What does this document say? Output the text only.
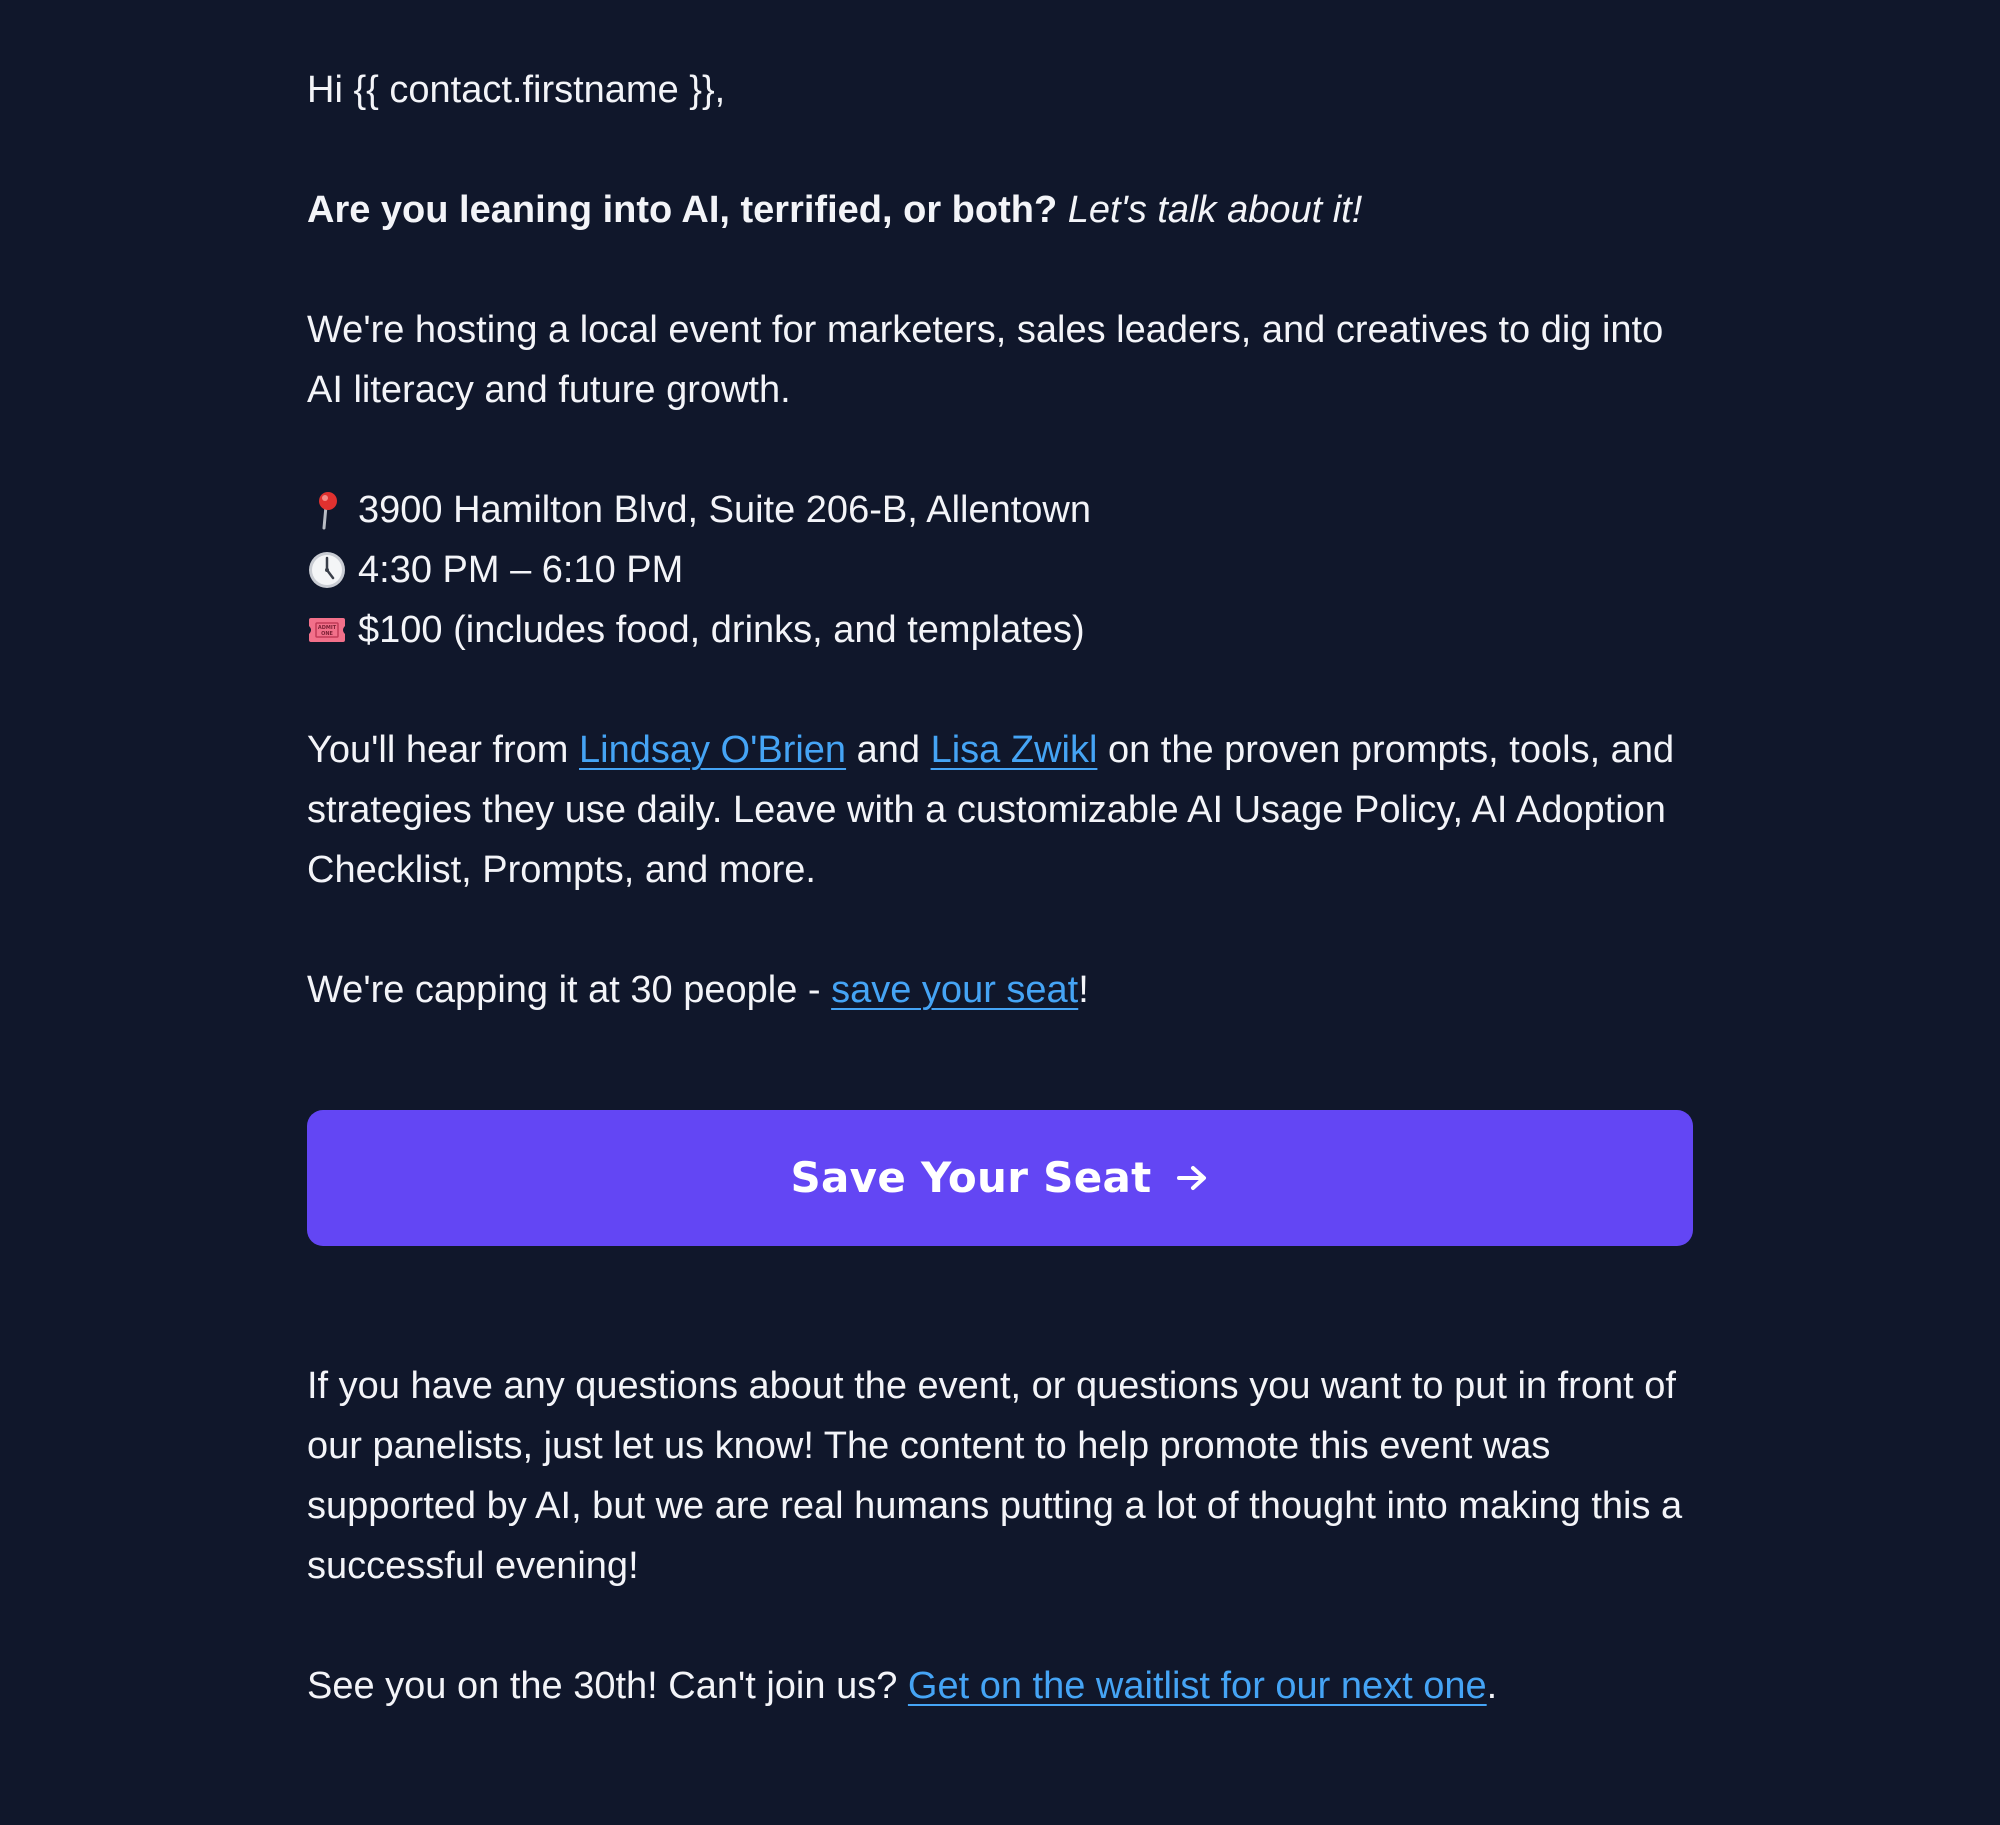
Hi {{ contact.firstname }},

Are you leaning into AI, terrified, or both? Let's talk about it!

We're hosting a local event for marketers, sales leaders, and creatives to dig into AI literacy and future growth.

3900 Hamilton Blvd, Suite 206-B, Allentown
4:30 PM – 6:10 PM
ADMIT
ONE $100 (includes food, drinks, and templates)

You'll hear from Lindsay O'Brien and Lisa Zwikl on the proven prompts, tools, and strategies they use daily. Leave with a customizable AI Usage Policy, AI Adoption Checklist, Prompts, and more.

We're capping it at 30 people - save your seat!

Save Your Seat

If you have any questions about the event, or questions you want to put in front of our panelists, just let us know! The content to help promote this event was supported by AI, but we are real humans putting a lot of thought into making this a successful evening!

See you on the 30th! Can't join us? Get on the waitlist for our next one.
